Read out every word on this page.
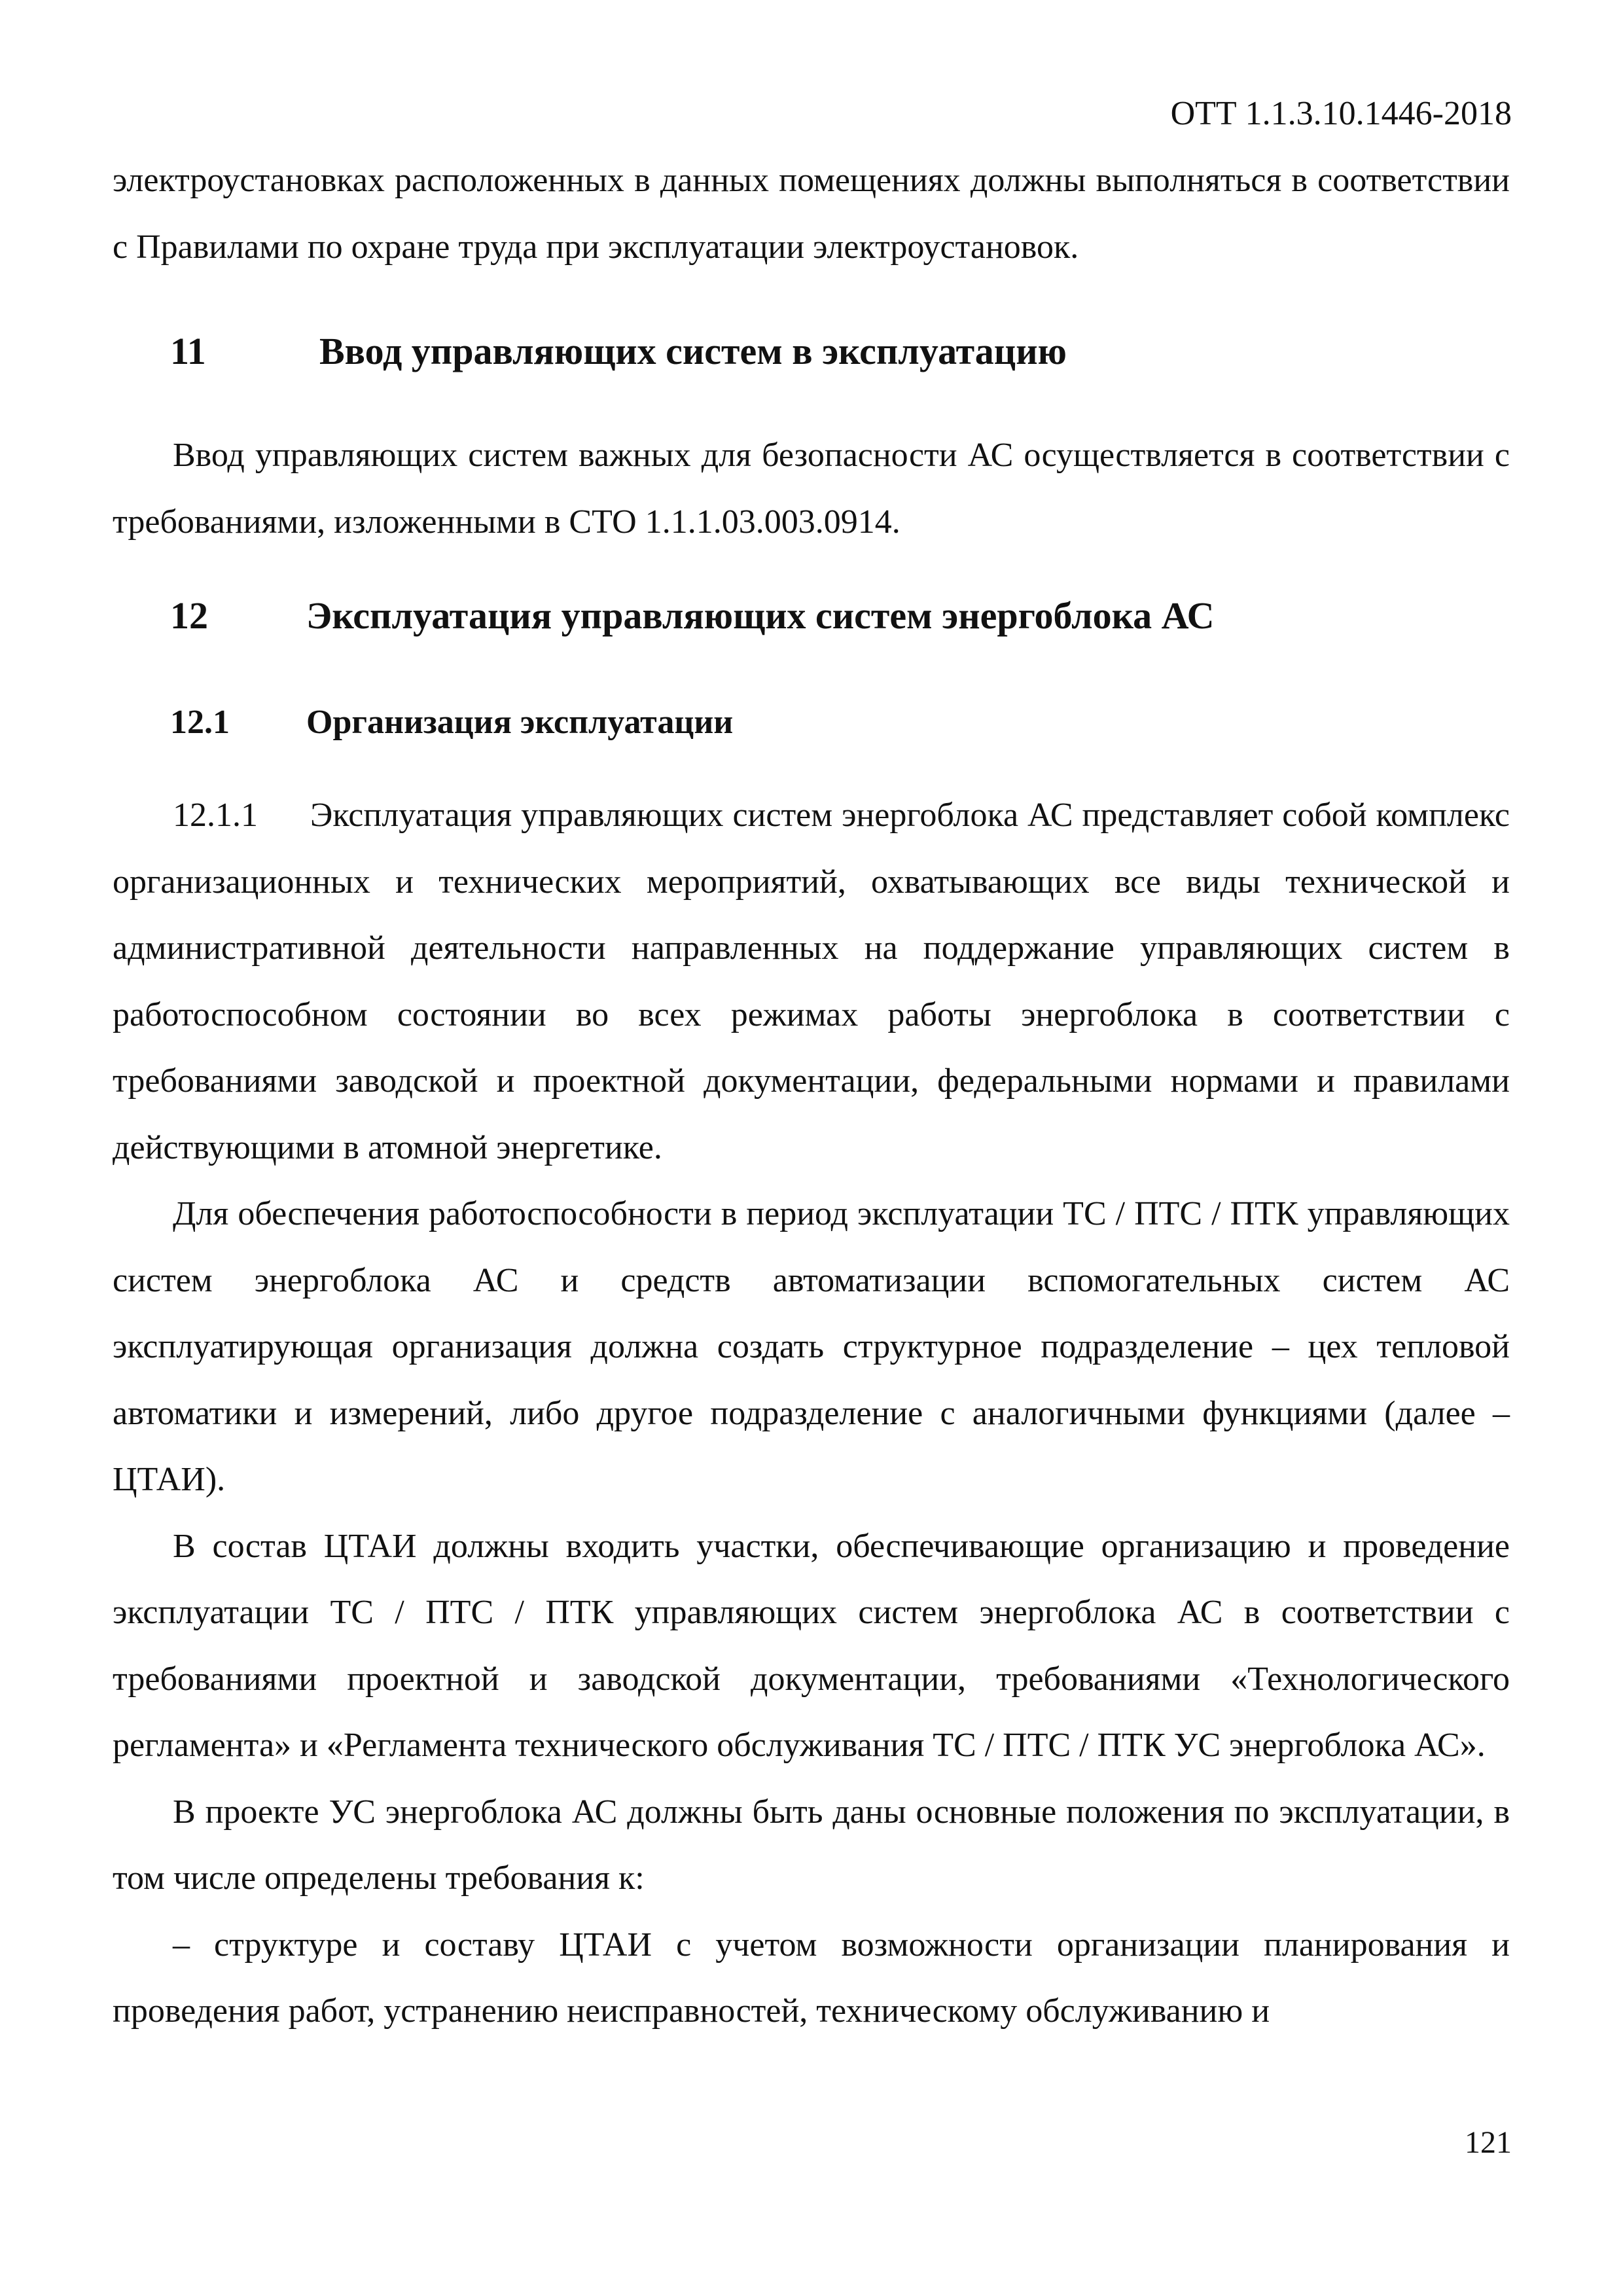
ОТТ 1.1.3.10.1446-2018

электроустановках расположенных в данных помещениях должны выполняться в соответствии с Правилами по охране труда при эксплуатации электроустановок.

11	Ввод управляющих систем в эксплуатацию

Ввод управляющих систем важных для безопасности АС осуществляется в соответствии с требованиями, изложенными в СТО 1.1.1.03.003.0914.

12	Эксплуатация управляющих систем энергоблока АС
12.1 Организация эксплуатации

12.1.1 Эксплуатация управляющих систем энергоблока АС представляет собой комплекс организационных и технических мероприятий, охватывающих все виды технической и административной деятельности направленных на поддержание управляющих систем в работоспособном состоянии во всех режимах работы энергоблока в соответствии с требованиями заводской и проектной документации, федеральными нормами и правилами действующими в атомной энергетике.

Для обеспечения работоспособности в период эксплуатации ТС / ПТС / ПТК управляющих систем энергоблока АС и средств автоматизации вспомогательных систем АС эксплуатирующая организация должна создать структурное подразделение – цех тепловой автоматики и измерений, либо другое подразделение с аналогичными функциями (далее – ЦТАИ).

В состав ЦТАИ должны входить участки, обеспечивающие организацию и проведение эксплуатации ТС / ПТС / ПТК управляющих систем энергоблока АС в соответствии с требованиями проектной и заводской документации, требованиями «Технологического регламента» и «Регламента технического обслуживания ТС / ПТС / ПТК УС энергоблока АС».

В проекте УС энергоблока АС должны быть даны основные положения по эксплуатации, в том числе определены требования к:

– структуре и составу ЦТАИ с учетом возможности организации планирования и проведения работ, устранению неисправностей, техническому обслуживанию и

121
